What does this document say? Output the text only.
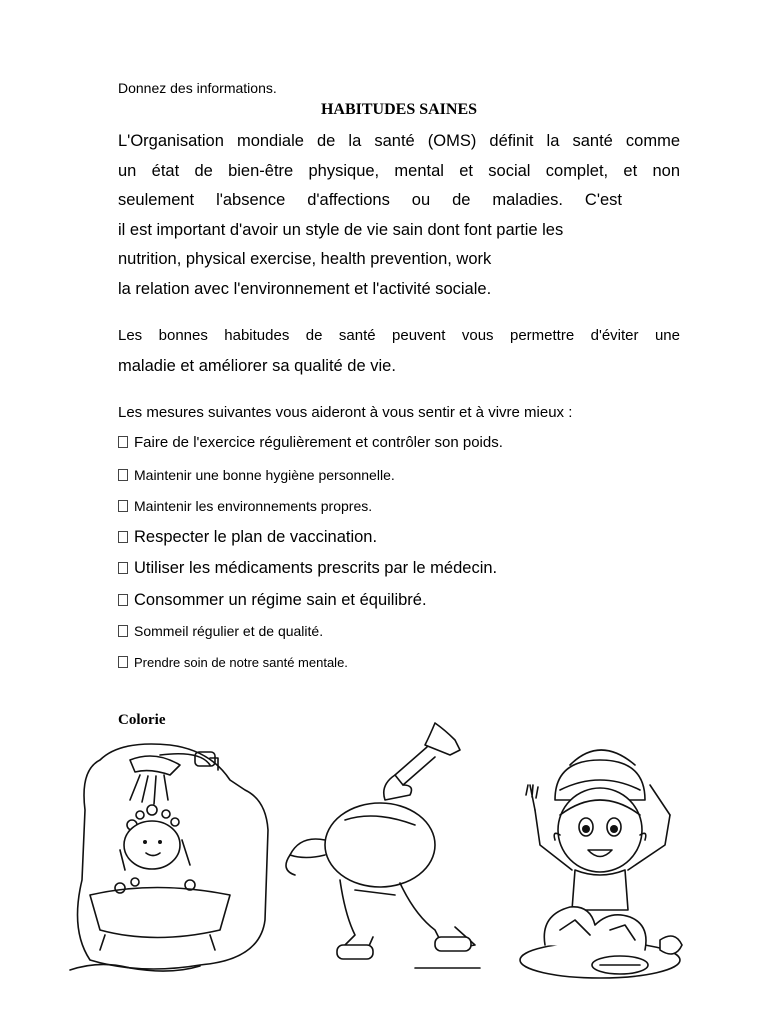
Donnez des informations.
HABITUDES SAINES
L'Organisation mondiale de la santé (OMS) définit la santé comme
un état de bien-être physique, mental et social complet, et non
seulement l'absence d'affections ou de maladies. C'est
il est important d'avoir un style de vie sain dont font partie les
nutrition, physical exercise, health prevention, work
la relation avec l'environnement et l'activité sociale.
Les bonnes habitudes de santé peuvent vous permettre d'éviter une
maladie et améliorer sa qualité de vie.
Les mesures suivantes vous aideront à vous sentir et à vivre mieux :
Faire de l'exercice régulièrement et contrôler son poids.
Maintenir une bonne hygiène personnelle.
Maintenir les environnements propres.
Respecter le plan de vaccination.
Utiliser les médicaments prescrits par le médecin.
Consommer un régime sain et équilibré.
Sommeil régulier et de qualité.
Prendre soin de notre santé mentale.
Colorie
